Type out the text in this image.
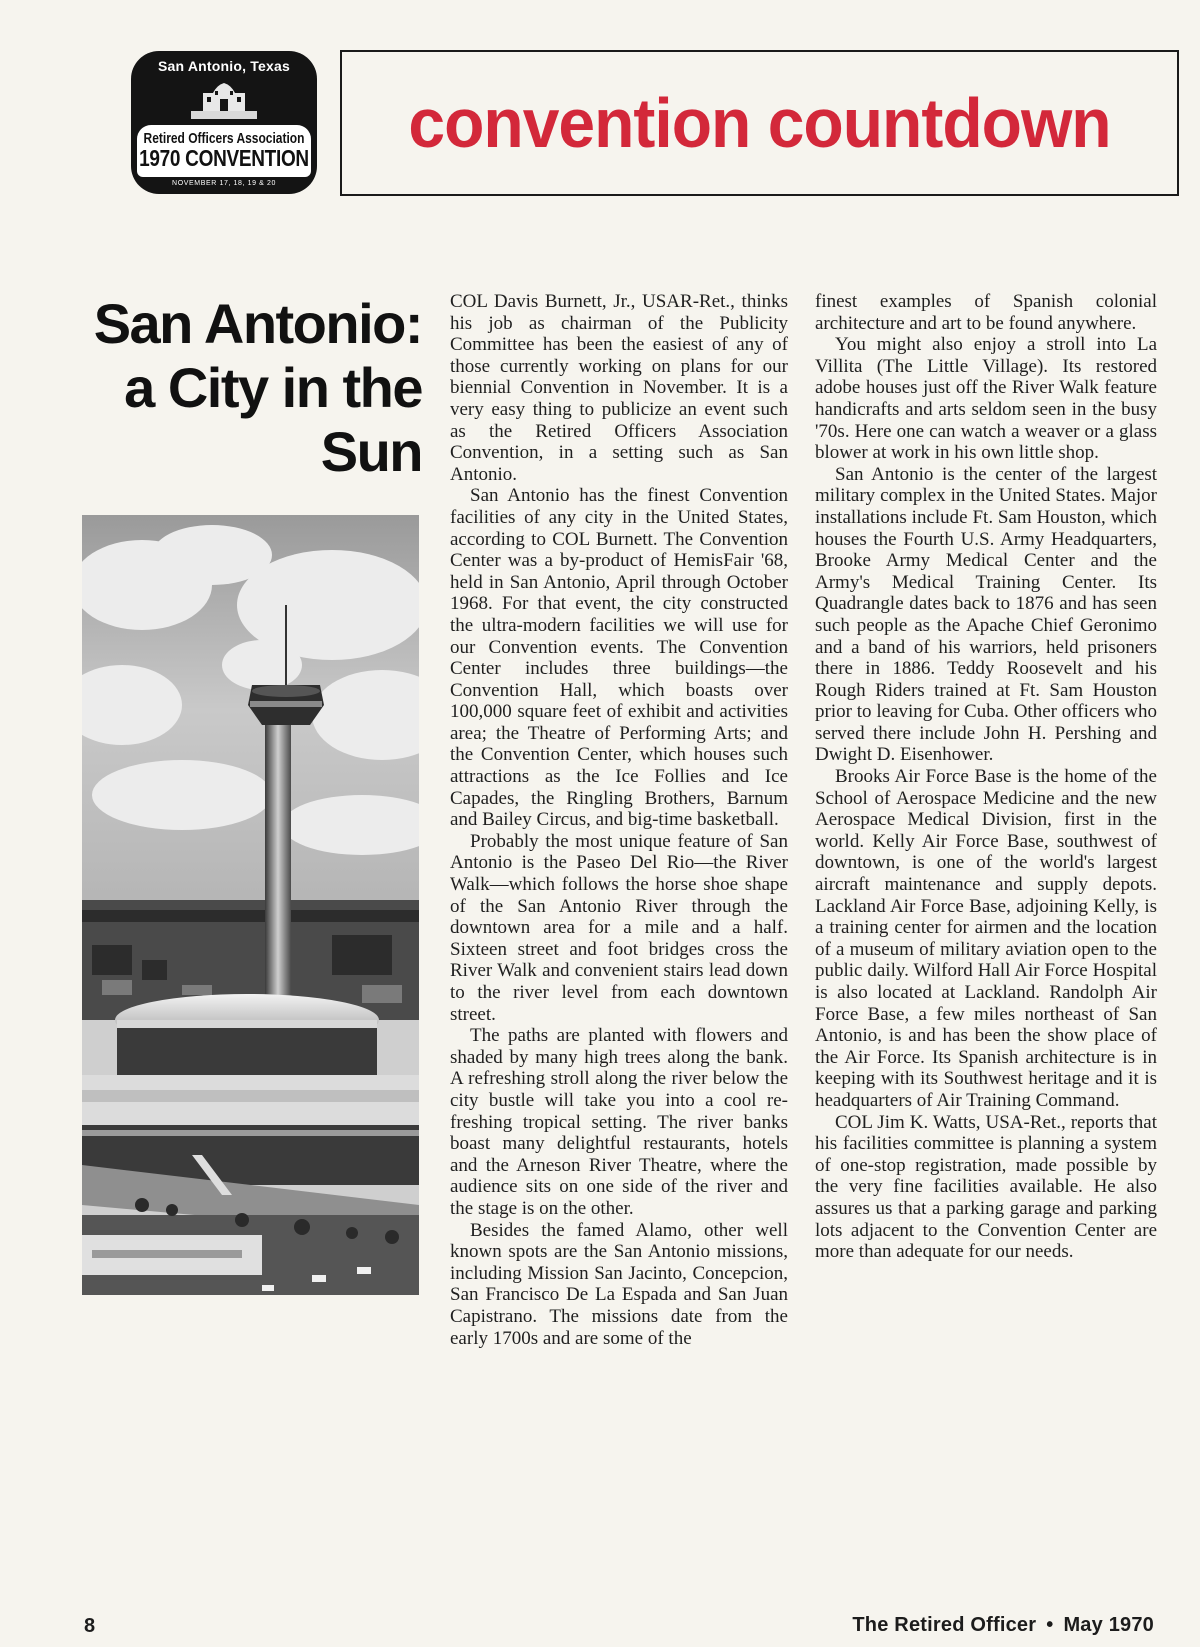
San Antonio, Texas
Retired Officers Association
1970 CONVENTION
NOVEMBER 17, 18, 19 & 20
convention countdown
San Antonio:
a City in the
Sun

COL Davis Burnett, Jr., USAR-Ret., thinks his job as chairman of the Publicity Committee has been the easiest of any of those currently working on plans for our biennial Convention in November. It is a very easy thing to publicize an event such as the Retired Officers Association Convention, in a setting such as San Antonio.

San Antonio has the finest Convention facilities of any city in the United States, according to COL Burnett. The Convention Center was a by-product of HemisFair '68, held in San Antonio, April through October 1968. For that event, the city constructed the ultra-modern facilities we will use for our Convention events. The Convention Center includes three buildings—the Convention Hall, which boasts over 100,000 square feet of exhibit and activities area; the Theatre of Performing Arts; and the Convention Center, which houses such attractions as the Ice Follies and Ice Capades, the Ringling Brothers, Barnum and Bailey Circus, and big-time basketball.

Probably the most unique feature of San Antonio is the Paseo Del Rio—the River Walk—which follows the horse shoe shape of the San Antonio River through the downtown area for a mile and a half. Sixteen street and foot bridges cross the River Walk and convenient stairs lead down to the river level from each downtown street.

The paths are planted with flowers and shaded by many high trees along the bank. A refreshing stroll along the river below the city bustle will take you into a cool refreshing tropical setting. The river banks boast many delightful restaurants, hotels and the Arneson River Theatre, where the audience sits on one side of the river and the stage is on the other.

Besides the famed Alamo, other well known spots are the San Antonio missions, including Mission San Jacinto, Concepcion, San Francisco De La Espada and San Juan Capistrano. The missions date from the early 1700s and are some of the

finest examples of Spanish colonial architecture and art to be found anywhere.

You might also enjoy a stroll into La Villita (The Little Village). Its restored adobe houses just off the River Walk feature handicrafts and arts seldom seen in the busy '70s. Here one can watch a weaver or a glass blower at work in his own little shop.

San Antonio is the center of the largest military complex in the United States. Major installations include Ft. Sam Houston, which houses the Fourth U.S. Army Headquarters, Brooke Army Medical Center and the Army's Medical Training Center. Its Quadrangle dates back to 1876 and has seen such people as the Apache Chief Geronimo and a band of his warriors, held prisoners there in 1886. Teddy Roosevelt and his Rough Riders trained at Ft. Sam Houston prior to leaving for Cuba. Other officers who served there include John H. Pershing and Dwight D. Eisenhower.

Brooks Air Force Base is the home of the School of Aerospace Medicine and the new Aerospace Medical Division, first in the world. Kelly Air Force Base, southwest of downtown, is one of the world's largest aircraft maintenance and supply depots. Lackland Air Force Base, adjoining Kelly, is a training center for airmen and the location of a museum of military aviation open to the public daily. Wilford Hall Air Force Hospital is also located at Lackland. Randolph Air Force Base, a few miles northeast of San Antonio, is and has been the show place of the Air Force. Its Spanish architecture is in keeping with its Southwest heritage and it is headquarters of Air Training Command.

COL Jim K. Watts, USA-Ret., reports that his facilities committee is planning a system of one-stop registration, made possible by the very fine facilities available. He also assures us that a parking garage and parking lots adjacent to the Convention Center are more than adequate for our needs.

8	The Retired Officer • May 1970
